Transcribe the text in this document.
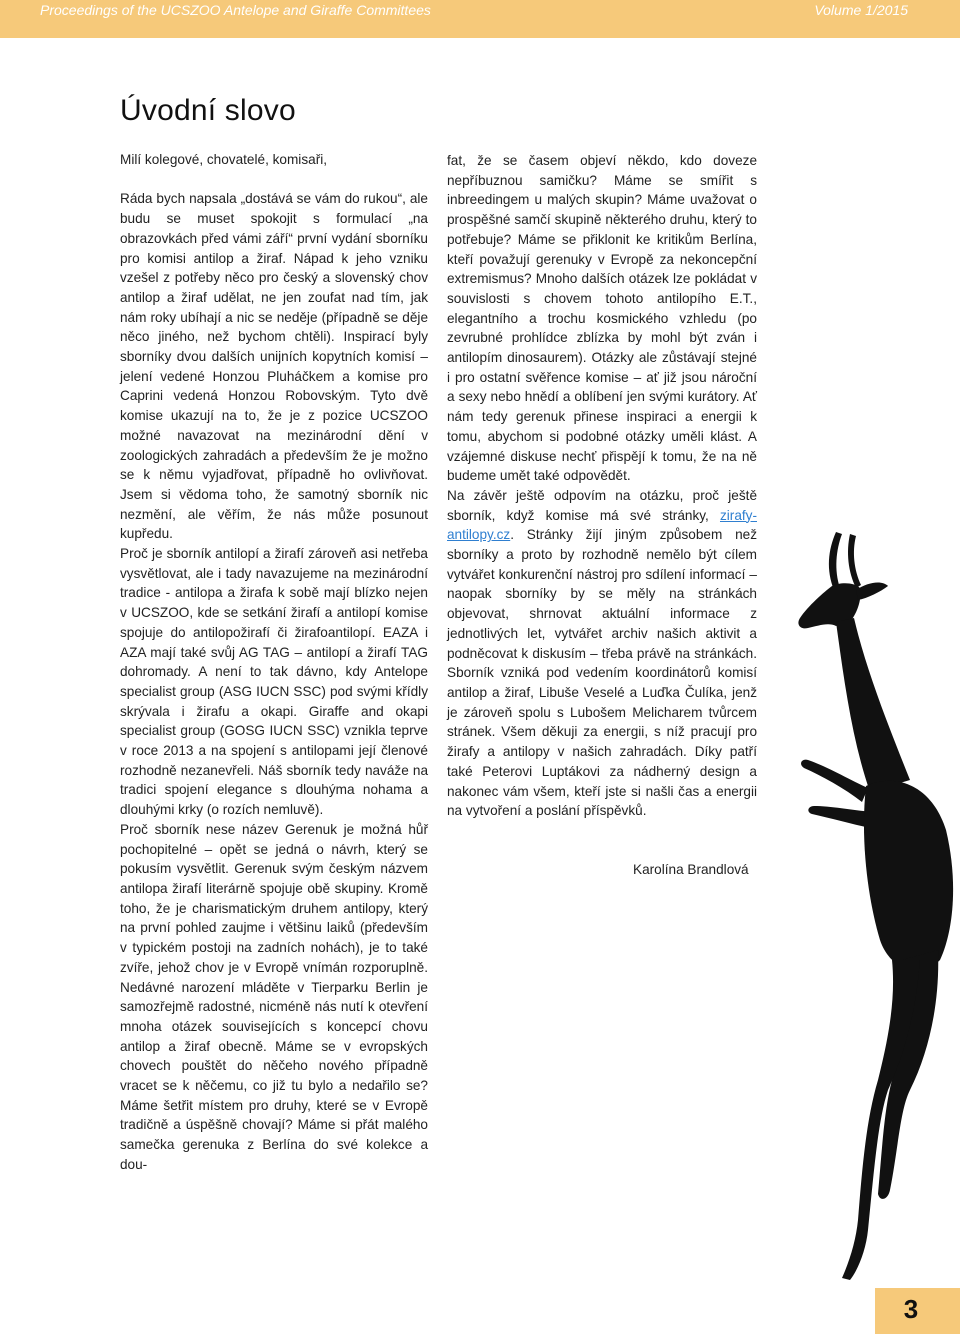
Proceedings of the UCSZOO Antelope and Giraffe Committees	Volume 1/2015
Úvodní slovo

Milí kolegové, chovatelé, komisaři,

Ráda bych napsala „dostává se vám do rukou“, ale budu se muset spokojit s formulací „na obrazovkách před vámi září“ první vydání sborníku pro komisi antilop a žiraf. Nápad k jeho vzniku vzešel z potřeby něco pro český a slovenský chov antilop a žiraf udělat, ne jen zoufat nad tím, jak nám roky ubíhají a nic se neděje (případně se děje něco jiného, než bychom chtěli). Inspirací byly sborníky dvou dalších unijních kopytních komisí – jelení vedené Honzou Pluháčkem a komise pro Caprini vedená Honzou Robovským. Tyto dvě komise ukazují na to, že je z pozice UCSZOO možné navazovat na mezinárodní dění v zoologických zahradách a především že je možno se k němu vyjadřovat, případně ho ovlivňovat. Jsem si vědoma toho, že samotný sborník nic nezmění, ale věřím, že nás může posunout kupředu.

Proč je sborník antilopí a žirafí zároveň asi netřeba vysvětlovat, ale i tady navazujeme na mezinárodní tradice - antilopa a žirafa k sobě mají blízko nejen v UCSZOO, kde se setkání žirafí a antilopí komise spojuje do antilopožirafí či žirafoantilopí. EAZA i AZA mají také svůj AG TAG – antilopí a žirafí TAG dohromady. A není to tak dávno, kdy Antelope specialist group (ASG IUCN SSC) pod svými křídly skrývala i žirafu a okapi. Giraffe and okapi specialist group (GOSG IUCN SSC) vznikla teprve v roce 2013 a na spojení s antilopami její členové rozhodně nezanevřeli. Náš sborník tedy naváže na tradici spojení elegance s dlouhýma nohama a dlouhými krky (o rozích nemluvě).

Proč sborník nese název Gerenuk je možná hůř pochopitelné – opět se jedná o návrh, který se pokusím vysvětlit. Gerenuk svým českým názvem antilopa žirafí literárně spojuje obě skupiny. Kromě toho, že je charismatickým druhem antilopy, který na první pohled zaujme i většinu laiků (především v typickém postoji na zadních nohách), je to také zvíře, jehož chov je v Evropě vnímán rozporuplně. Nedávné narození mláděte v Tierparku Berlin je samozřejmě radostné, nicméně nás nutí k otevření mnoha otázek souvisejících s koncepcí chovu antilop a žiraf obecně. Máme se v evropských chovech pouštět do něčeho nového případně vracet se k něčemu, co již tu bylo a nedařilo se? Máme šetřit místem pro druhy, které se v Evropě tradičně a úspěšně chovají? Máme si přát malého samečka gerenuka z Berlína do své kolekce a dou-

fat, že se časem objeví někdo, kdo doveze nepříbuznou samičku? Máme se smířit s inbreedingem u malých skupin? Máme uvažovat o prospěšné samčí skupině některého druhu, který to potřebuje? Máme se přiklonit ke kritikům Berlína, kteří považují gerenuky v Evropě za nekoncepční extremismus? Mnoho dalších otázek lze pokládat v souvislosti s chovem tohoto antilopího E.T., elegantního a trochu kosmického vzhledu (po zevrubné prohlídce zblízka by mohl být zván i antilopím dinosaurem). Otázky ale zůstávají stejné i pro ostatní svěřence komise – ať již jsou nároční a sexy nebo hnědí a oblíbení jen svými kurátory. Ať nám tedy gerenuk přinese inspiraci a energii k tomu, abychom si podobné otázky uměli klást. A vzájemné diskuse nechť přispějí k tomu, že na ně budeme umět také odpovědět.

Na závěr ještě odpovím na otázku, proč ještě sborník, když komise má své stránky, zirafy-antilopy.cz. Stránky žijí jiným způsobem než sborníky a proto by rozhodně nemělo být cílem vytvářet konkurenční nástroj pro sdílení informací – naopak sborníky by se měly na stránkách objevovat, shrnovat aktuální informace z jednotlivých let, vytvářet archiv našich aktivit a podněcovat k diskusím – třeba právě na stránkách. Sborník vzniká pod vedením koordinátorů komisí antilop a žiraf, Libuše Veselé a Luďka Čulíka, jenž je zároveň spolu s Lubošem Melicharem tvůrcem stránek. Všem děkuji za energii, s níž pracují pro žirafy a antilopy v našich zahradách. Díky patří také Peterovi Luptákovi za nádherný design a nakonec vám všem, kteří jste si našli čas a energii na vytvoření a poslání příspěvků.

Karolína Brandlová
3
